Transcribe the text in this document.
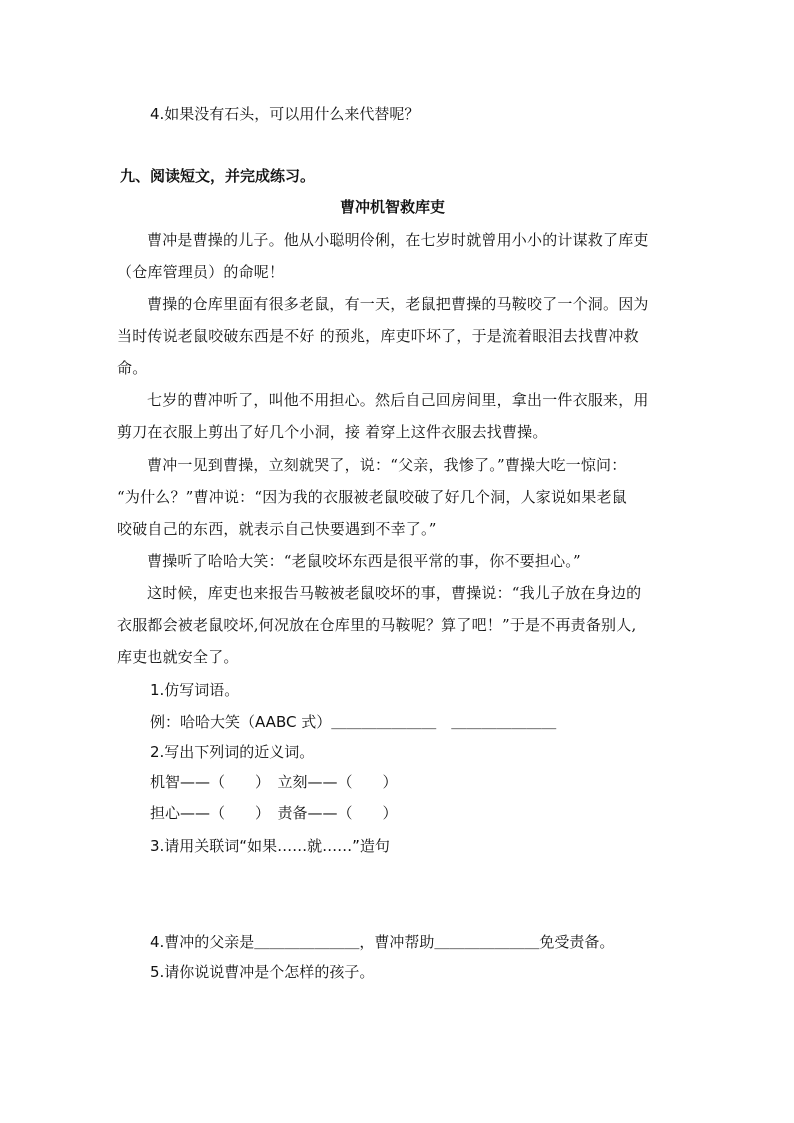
4.如果没有石头，可以用什么来代替呢？
九、阅读短文，并完成练习。
曹冲机智救库吏
曹冲是曹操的儿子。他从小聪明伶俐，在七岁时就曾用小小的计谋救了库吏
（仓库管理员）的命呢！
曹操的仓库里面有很多老鼠，有一天，老鼠把曹操的马鞍咬了一个洞。因为
当时传说老鼠咬破东西是不好 的预兆，库吏吓坏了，于是流着眼泪去找曹冲救
命。
七岁的曹冲听了，叫他不用担心。然后自己回房间里，拿出一件衣服来，用
剪刀在衣服上剪出了好几个小洞，接 着穿上这件衣服去找曹操。
曹冲一见到曹操，立刻就哭了，说：“父亲，我惨了。”曹操大吃一惊问：
“为什么？”曹冲说：“因为我的衣服被老鼠咬破了好几个洞，人家说如果老鼠
咬破自己的东西，就表示自己快要遇到不幸了。”
曹操听了哈哈大笑：“老鼠咬坏东西是很平常的事，你不要担心。”
这时候，库吏也来报告马鞍被老鼠咬坏的事，曹操说：“我儿子放在身边的
衣服都会被老鼠咬坏,何况放在仓库里的马鞍呢？算了吧！”于是不再责备别人,
库吏也就安全了。
1.仿写词语。
例：哈哈大笑（AABC 式）＿＿＿＿＿＿＿　＿＿＿＿＿＿＿
2.写出下列词的近义词。
机智——（　　）　立刻——（　　）
担心——（　　）　责备——（　　）
3.请用关联词“如果……就……”造句
4.曹冲的父亲是＿＿＿＿＿＿＿，曹冲帮助＿＿＿＿＿＿＿免受责备。
5.请你说说曹冲是个怎样的孩子。
